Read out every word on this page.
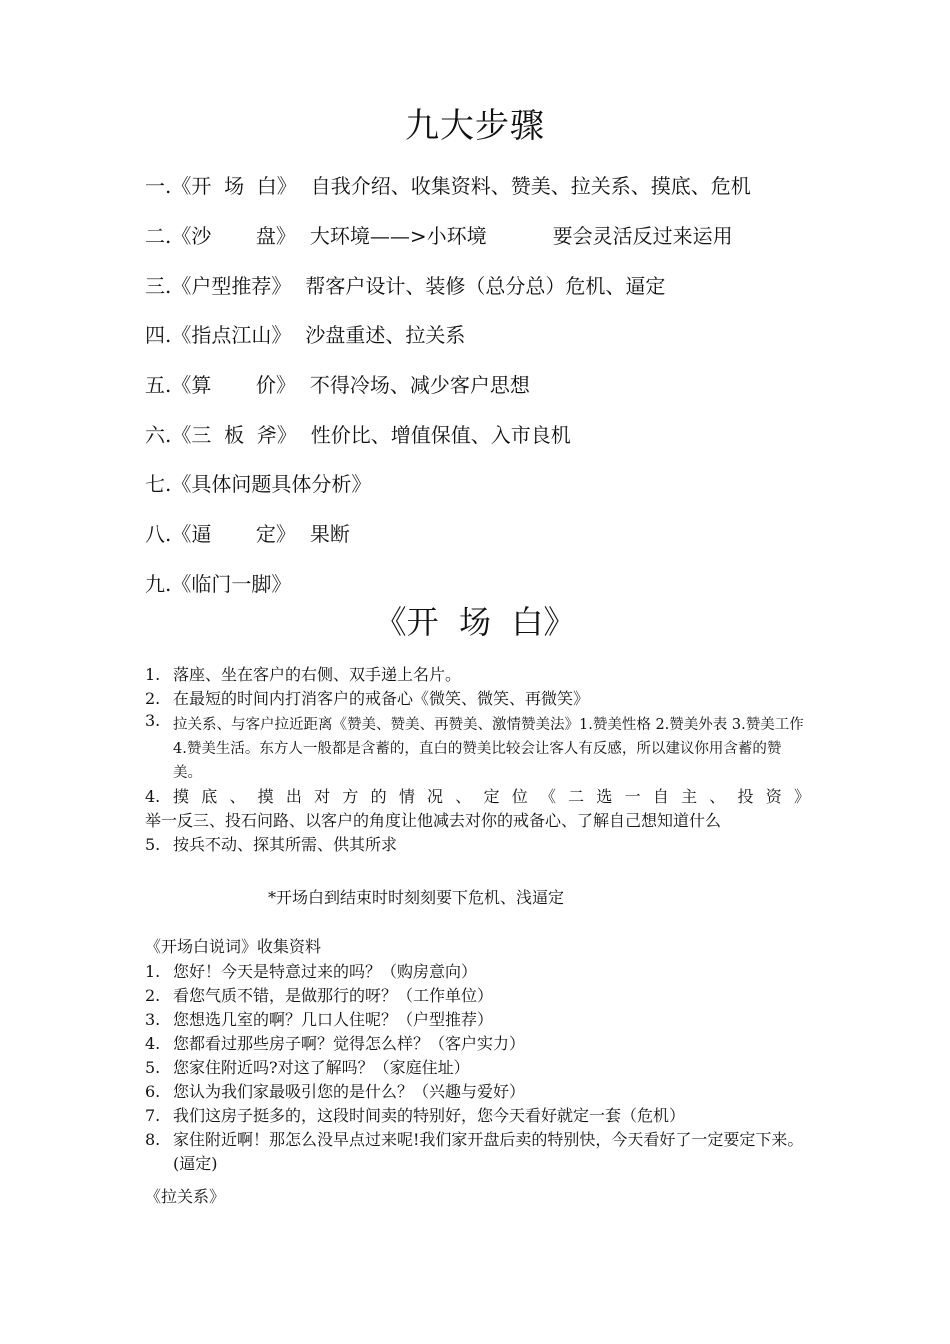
九大步骤
一.《开  场  白》 自我介绍、收集资料、赞美、拉关系、摸底、危机
二.《沙       盘》 大环境——>小环境	要会灵活反过来运用
三.《户型推荐》 帮客户设计、装修（总分总）危机、逼定
四.《指点江山》 沙盘重述、拉关系
五.《算       价》 不得冷场、减少客户思想
六.《三  板  斧》 性价比、增值保值、入市良机
七.《具体问题具体分析》
八.《逼       定》 果断
九.《临门一脚》
《开  场  白》
1. 落座、坐在客户的右侧、双手递上名片。
2. 在最短的时间内打消客户的戒备心《微笑、微笑、再微笑》
3. 拉关系、与客户拉近距离《赞美、赞美、再赞美、激情赞美法》1.赞美性格 2.赞美外表 3.赞美工作 4.赞美生活。东方人一般都是含蓄的，直白的赞美比较会让客人有反感，所以建议你用含蓄的赞美。
4. 摸 底 、 摸 出 对 方 的 情 况 、 定 位 《 二 选 一 自 主 、 投 资 》
举一反三、投石问路、以客户的角度让他减去对你的戒备心、了解自己想知道什么
5. 按兵不动、探其所需、供其所求
*开场白到结束时时刻刻要下危机、浅逼定
《开场白说词》收集资料
1. 您好！今天是特意过来的吗？（购房意向）
2. 看您气质不错，是做那行的呀？（工作单位）
3. 您想选几室的啊？几口人住呢？（户型推荐）
4. 您都看过那些房子啊？觉得怎么样？（客户实力）
5. 您家住附近吗?对这了解吗？（家庭住址）
6. 您认为我们家最吸引您的是什么？（兴趣与爱好）
7. 我们这房子挺多的，这段时间卖的特别好，您今天看好就定一套（危机）
8. 家住附近啊！那怎么没早点过来呢!我们家开盘后卖的特别快，今天看好了一定要定下来。(逼定)
《拉关系》
